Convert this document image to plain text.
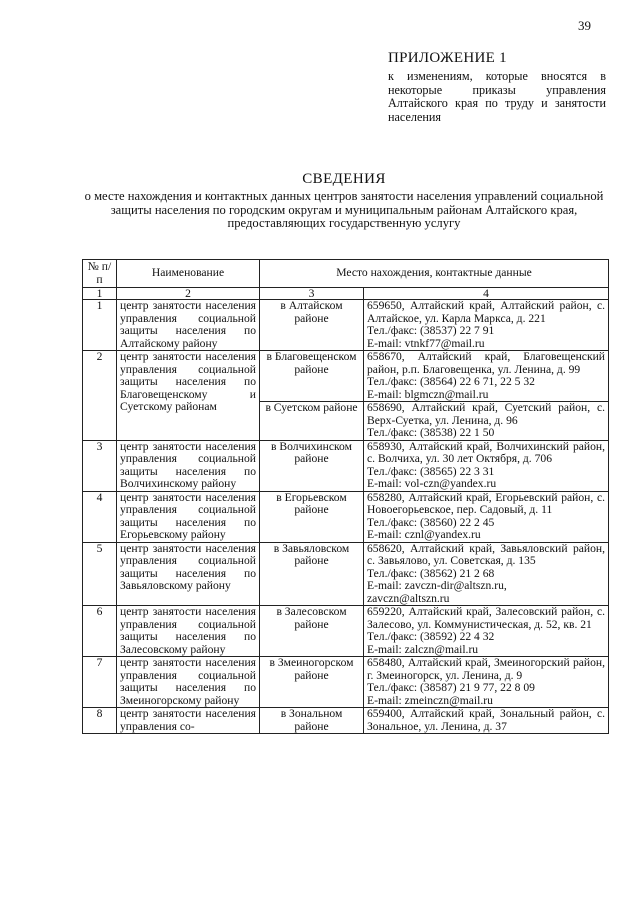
39
ПРИЛОЖЕНИЕ 1
к изменениям, которые вносятся в некоторые приказы управления Алтайского края по труду и занятости населения
СВЕДЕНИЯ
о месте нахождения и контактных данных центров занятости населения управлений социальной защиты населения по городским округам и муниципальным районам Алтайского края, предоставляющих государственную услугу
№ п/п	Наименование	Место нахождения, контактные данные	
1	2	3	4
1	центр занятости населения управления социальной защиты населения по Алтайскому району	в Алтайском районе	659650, Алтайский край, Алтайский район, с. Алтайское, ул. Карла Маркса, д. 221
Тел./факс: (38537) 22 7 91
E-mail: vtnkf77@mail.ru

2	центр занятости населения управления социальной защиты населения по Благовещенскому и Суетскому районам	в Благовещенском районе	658670, Алтайский край, Благовещенский район, р.п. Благовещенка, ул. Ленина, д. 99
Тел./факс: (38564) 22 6 71, 22 5 32
E-mail: blgmczn@mail.ru

		в Суетском районе	658690, Алтайский край, Суетский район, с. Верх-Суетка, ул. Ленина, д. 96
Тел./факс: (38538) 22 1 50

3	центр занятости населения управления социальной защиты населения по Волчихинскому району	в Волчихинском районе	658930, Алтайский край, Волчихинский район, с. Волчиха, ул. 30 лет Октября, д. 706
Тел./факс: (38565) 22 3 31
E-mail: vol-czn@yandex.ru

4	центр занятости населения управления социальной защиты населения по Егорьевскому району	в Егорьевском районе	658280, Алтайский край, Егорьевский район, с. Новоегорьевское, пер. Садовый, д. 11
Тел./факс: (38560) 22 2 45
E-mail: cznl@yandex.ru

5	центр занятости населения управления социальной защиты населения по Завьяловскому району	в Завьяловском районе	658620, Алтайский край, Завьяловский район, с. Завьялово, ул. Советская, д. 135
Тел./факс: (38562) 21 2 68
E-mail: zavczn-dir@altszn.ru,
zavczn@altszn.ru

6	центр занятости населения управления социальной защиты населения по Залесовскому району	в Залесовском районе	659220, Алтайский край, Залесовский район, с. Залесово, ул. Коммунистическая, д. 52, кв. 21
Тел./факс: (38592) 22 4 32
E-mail: zalczn@mail.ru

7	центр занятости населения управления социальной защиты населения по Змеиногорскому району	в Змеиногорском районе	658480, Алтайский край, Змеиногорский район, г. Змеиногорск, ул. Ленина, д. 9
Тел./факс: (38587) 21 9 77, 22 8 09
E-mail: zmeinczn@mail.ru

8	центр занятости населения управления со-	в Зональном районе	659400, Алтайский край, Зональный район, с. Зональное, ул. Ленина, д. 37
